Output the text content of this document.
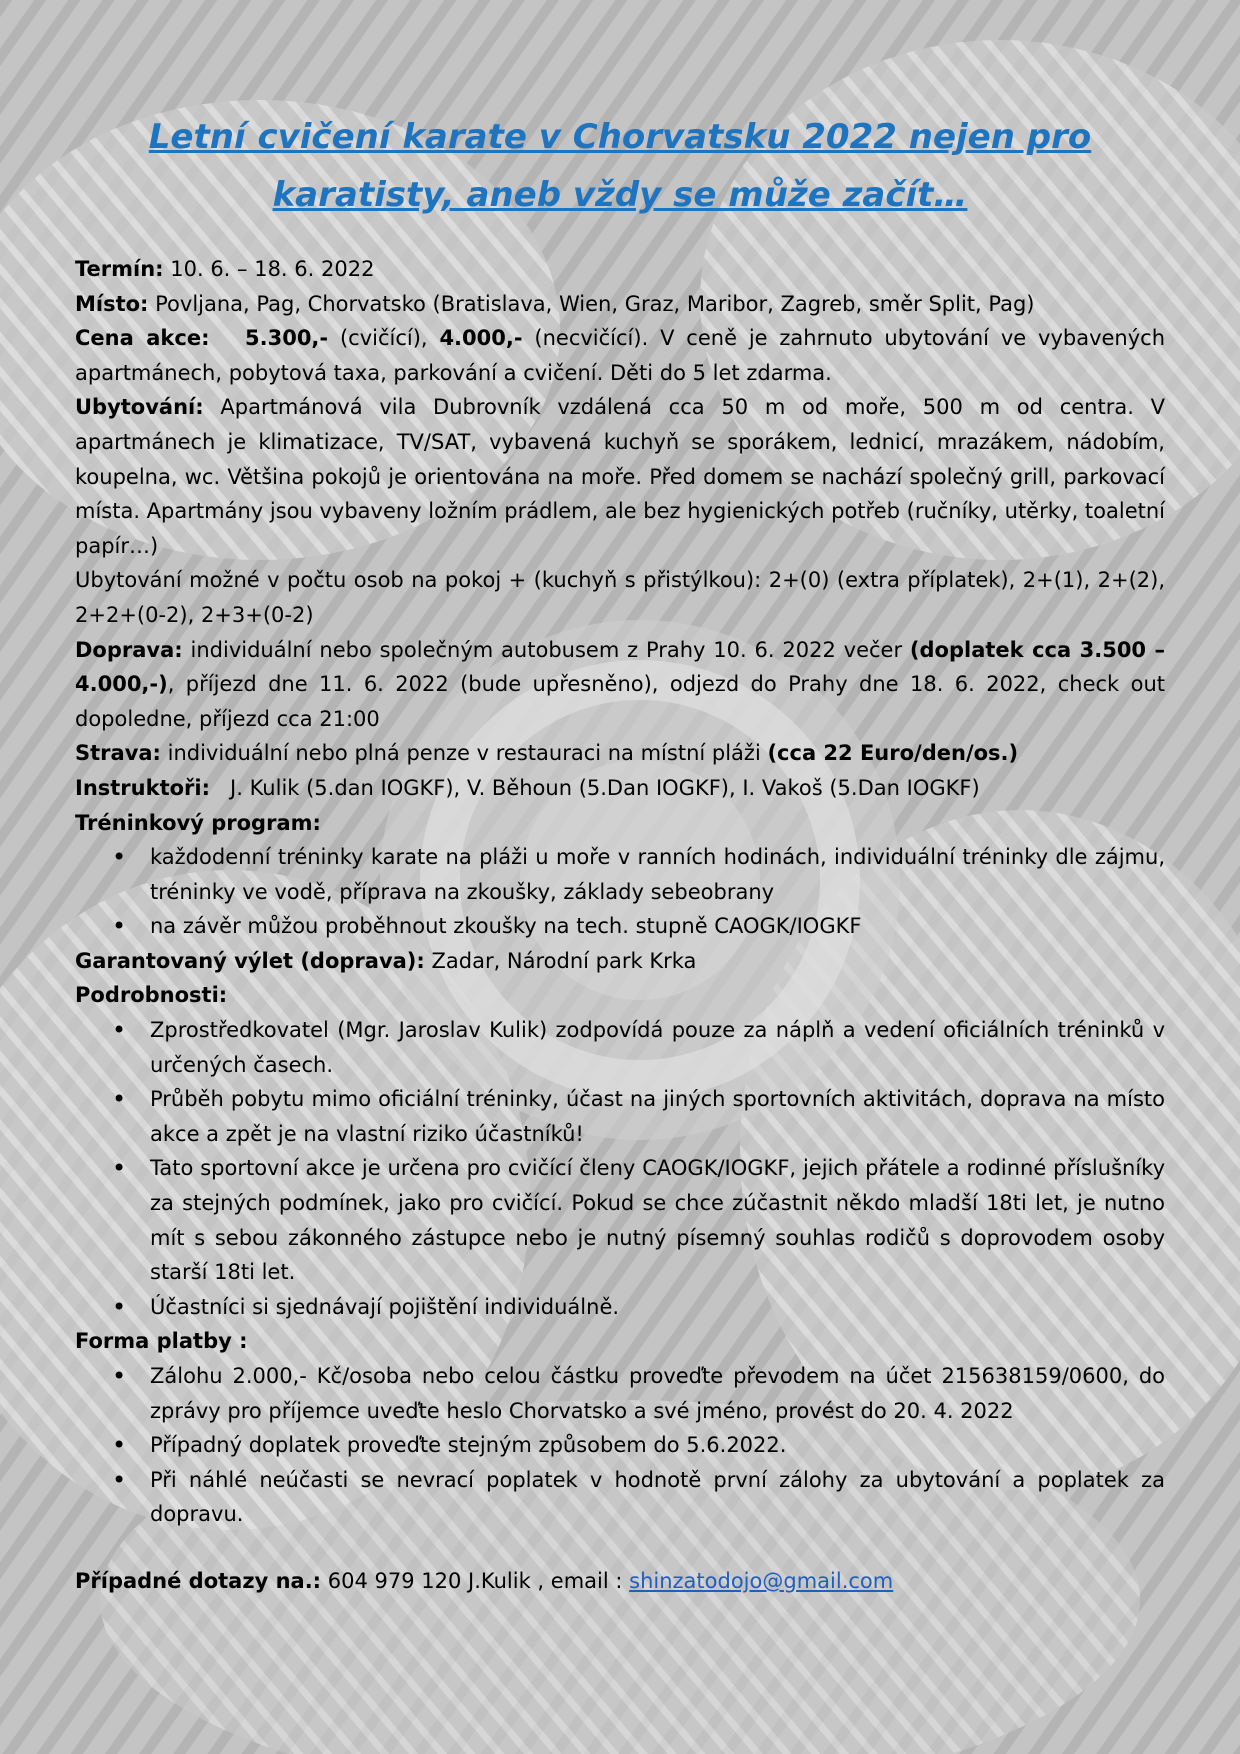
Letní cvičení karate v Chorvatsku 2022 nejen pro
karatisty, aneb vždy se může začít…

Termín: 10. 6. – 18. 6. 2022

Místo: Povljana, Pag, Chorvatsko (Bratislava, Wien, Graz, Maribor, Zagreb, směr Split, Pag)

Cena akce: 5.300,- (cvičící), 4.000,- (necvičící). V ceně je zahrnuto ubytování ve vybavených apartmánech, pobytová taxa, parkování a cvičení. Děti do 5 let zdarma.

Ubytování: Apartmánová vila Dubrovník vzdálená cca 50 m od moře, 500 m od centra. V apartmánech je klimatizace, TV/SAT, vybavená kuchyň se sporákem, lednicí, mrazákem, nádobím, koupelna, wc. Většina pokojů je orientována na moře. Před domem se nachází společný grill, parkovací místa. Apartmány jsou vybaveny ložním prádlem, ale bez hygienických potřeb (ručníky, utěrky, toaletní papír…)

Ubytování možné v počtu osob na pokoj + (kuchyň s přistýlkou): 2+(0) (extra příplatek), 2+(1), 2+(2), 2+2+(0-2), 2+3+(0-2)

Doprava: individuální nebo společným autobusem z Prahy 10. 6. 2022 večer (doplatek cca 3.500 – 4.000,-), příjezd dne 11. 6. 2022 (bude upřesněno), odjezd do Prahy dne 18. 6. 2022, check out dopoledne, příjezd cca 21:00

Strava: individuální nebo plná penze v restauraci na místní pláži (cca 22 Euro/den/os.)

Instruktoři:   J. Kulik (5.dan IOGKF), V. Běhoun (5.Dan IOGKF), I. Vakoš (5.Dan IOGKF)

Tréninkový program:

• každodenní tréninky karate na pláži u moře v ranních hodinách, individuální tréninky dle zájmu, tréninky ve vodě, příprava na zkoušky, základy sebeobrany
• na závěr můžou proběhnout zkoušky na tech. stupně CAOGK/IOGKF

Garantovaný výlet (doprava): Zadar, Národní park Krka

Podrobnosti:

• Zprostředkovatel (Mgr. Jaroslav Kulik) zodpovídá pouze za náplň a vedení oficiálních tréninků v určených časech.
• Průběh pobytu mimo oficiální tréninky, účast na jiných sportovních aktivitách, doprava na místo akce a zpět je na vlastní riziko účastníků!
• Tato sportovní akce je určena pro cvičící členy CAOGK/IOGKF, jejich přátele a rodinné příslušníky za stejných podmínek, jako pro cvičící. Pokud se chce zúčastnit někdo mladší 18ti let, je nutno mít s sebou zákonného zástupce nebo je nutný písemný souhlas rodičů s doprovodem osoby starší 18ti let.
• Účastníci si sjednávají pojištění individuálně.

Forma platby :

• Zálohu 2.000,- Kč/osoba nebo celou částku proveďte převodem na účet 215638159/0600, do zprávy pro příjemce uveďte heslo Chorvatsko a své jméno, provést do 20. 4. 2022
• Případný doplatek proveďte stejným způsobem do 5.6.2022.
• Při náhlé neúčasti se nevrací poplatek v hodnotě první zálohy za ubytování a poplatek za dopravu.

Případné dotazy na.: 604 979 120 J.Kulik , email : shinzatodojo@gmail.com
